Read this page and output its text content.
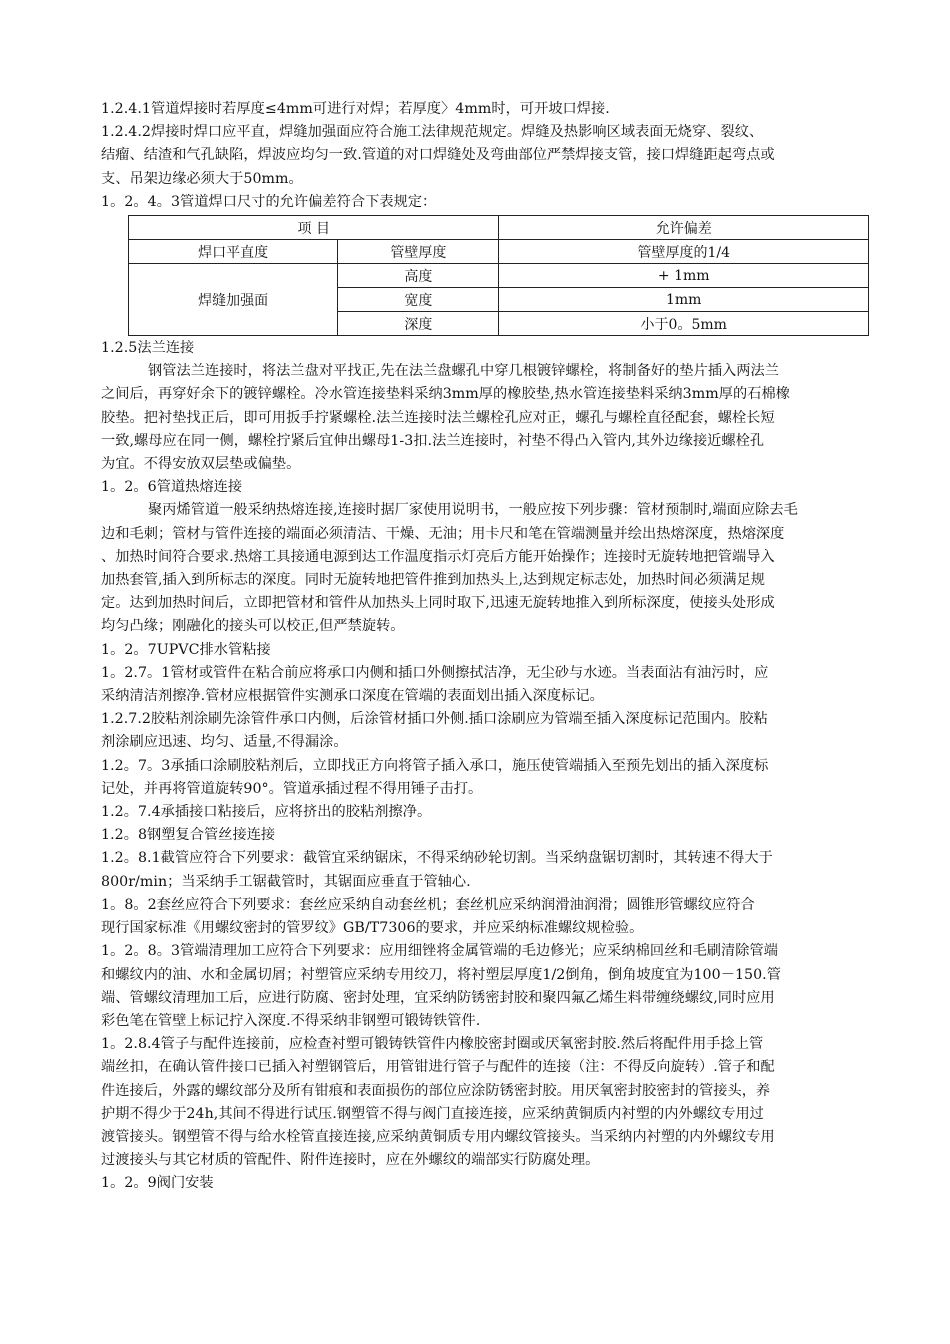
1.2.4.1管道焊接时若厚度≤4mm可进行对焊；若厚度〉4mm时，可开坡口焊接.
1.2.4.2焊接时焊口应平直，焊缝加强面应符合施工法律规范规定。焊缝及热影响区域表面无烧穿、裂纹、
结瘤、结渣和气孔缺陷，焊波应均匀一致.管道的对口焊缝处及弯曲部位严禁焊接支管，接口焊缝距起弯点或
支、吊架边缘必须大于50mm。
1。2。4。3管道焊口尺寸的允许偏差符合下表规定：
项 目		允许偏差
焊口平直度	管壁厚度	管壁厚度的1/4
焊缝加强面	高度	+ 1mm
	宽度	1mm
	深度	小于0。5mm
1.2.5法兰连接
钢管法兰连接时，将法兰盘对平找正,先在法兰盘螺孔中穿几根镀锌螺栓，将制备好的垫片插入两法兰
之间后，再穿好余下的镀锌螺栓。冷水管连接垫料采纳3mm厚的橡胶垫,热水管连接垫料采纳3mm厚的石棉橡
胶垫。把衬垫找正后，即可用扳手拧紧螺栓.法兰连接时法兰螺栓孔应对正，螺孔与螺栓直径配套，螺栓长短
一致,螺母应在同一侧，螺栓拧紧后宜伸出螺母1-3扣.法兰连接时，衬垫不得凸入管内,其外边缘接近螺栓孔
为宜。不得安放双层垫或偏垫。
1。2。6管道热熔连接
聚丙烯管道一般采纳热熔连接,连接时据厂家使用说明书，一般应按下列步骤：管材预制时,端面应除去毛
边和毛刺；管材与管件连接的端面必须清洁、干燥、无油；用卡尺和笔在管端测量并绘出热熔深度，热熔深度
、加热时间符合要求.热熔工具接通电源到达工作温度指示灯亮后方能开始操作；连接时无旋转地把管端导入
加热套管,插入到所标志的深度。同时无旋转地把管件推到加热头上,达到规定标志处，加热时间必须满足规
定。达到加热时间后，立即把管材和管件从加热头上同时取下,迅速无旋转地推入到所标深度，使接头处形成
均匀凸缘；刚融化的接头可以校正,但严禁旋转。
1。2。7UPVC排水管粘接
1。2.7。1管材或管件在粘合前应将承口内侧和插口外侧擦拭洁净，无尘砂与水迹。当表面沾有油污时，应
采纳清洁剂擦净.管材应根据管件实测承口深度在管端的表面划出插入深度标记。
1.2.7.2胶粘剂涂刷先涂管件承口内侧，后涂管材插口外侧.插口涂刷应为管端至插入深度标记范围内。胶粘
剂涂刷应迅速、均匀、适量,不得漏涂。
1.2。7。3承插口涂刷胶粘剂后，立即找正方向将管子插入承口，施压使管端插入至预先划出的插入深度标
记处，并再将管道旋转90°。管道承插过程不得用锤子击打。
1.2。7.4承插接口粘接后，应将挤出的胶粘剂擦净。
1.2。8钢塑复合管丝接连接
1.2。8.1截管应符合下列要求：截管宜采纳锯床，不得采纳砂轮切割。当采纳盘锯切割时，其转速不得大于
800r/min；当采纳手工锯截管时，其锯面应垂直于管轴心.
1。8。2套丝应符合下列要求：套丝应采纳自动套丝机；套丝机应采纳润滑油润滑；圆锥形管螺纹应符合
现行国家标准《用螺纹密封的管罗纹》GB/T7306的要求，并应采纳标准螺纹规检验。
1。2。8。3管端清理加工应符合下列要求：应用细锉将金属管端的毛边修光；应采纳棉回丝和毛刷清除管端
和螺纹内的油、水和金属切屑；衬塑管应采纳专用绞刀，将衬塑层厚度1/2倒角，倒角坡度宜为100－150.管
端、管螺纹清理加工后，应进行防腐、密封处理，宜采纳防锈密封胶和聚四氟乙烯生料带缠绕螺纹,同时应用
彩色笔在管壁上标记拧入深度.不得采纳非钢塑可锻铸铁管件.
1。2.8.4管子与配件连接前，应检查衬塑可锻铸铁管件内橡胶密封圈或厌氧密封胶.然后将配件用手捻上管
端丝扣，在确认管件接口已插入衬塑钢管后，用管钳进行管子与配件的连接（注：不得反向旋转）.管子和配
件连接后，外露的螺纹部分及所有钳痕和表面损伤的部位应涂防锈密封胶。用厌氧密封胶密封的管接头，养
护期不得少于24h,其间不得进行试压.钢塑管不得与阀门直接连接，应采纳黄铜质内衬塑的内外螺纹专用过
渡管接头。钢塑管不得与给水栓管直接连接,应采纳黄铜质专用内螺纹管接头。当采纳内衬塑的内外螺纹专用
过渡接头与其它材质的管配件、附件连接时，应在外螺纹的端部实行防腐处理。
1。2。9阀门安装
